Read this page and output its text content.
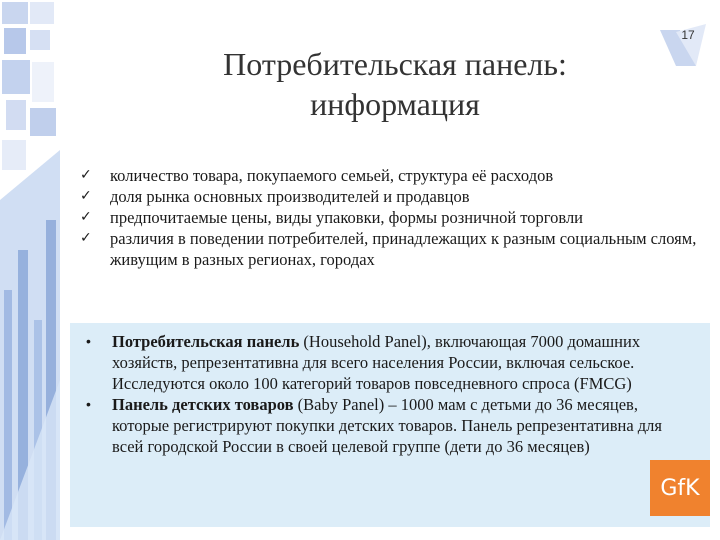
17
Потребительская панель:
информация
✓ количество товара, покупаемого семьей, структура её расходов
✓ доля рынка основных производителей и продавцов
✓ предпочитаемые цены, виды упаковки, формы розничной торговли
✓ различия в поведении потребителей, принадлежащих к разным социальным слоям, живущим в разных регионах, городах
• Потребительская панель (Household Panel), включающая 7000 домашних хозяйств, репрезентативна для всего населения России, включая сельское. Исследуются около 100 категорий товаров повседневного спроса (FMCG)
• Панель детских товаров (Baby Panel) – 1000 мам с детьми до 36 месяцев, которые регистрируют покупки детских товаров. Панель репрезентативна для всей городской России в своей целевой группе (дети до 36 месяцев)
GfK
